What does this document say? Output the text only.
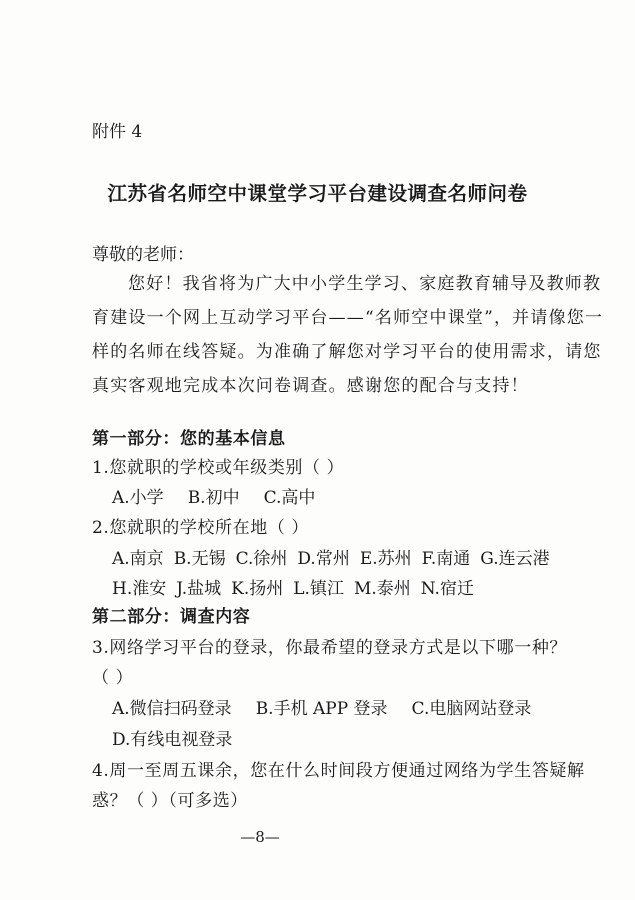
附件 4
江苏省名师空中课堂学习平台建设调查名师问卷
尊敬的老师：
您好！我省将为广大中小学生学习、家庭教育辅导及教师教
育建设一个网上互动学习平台——“名师空中课堂”，并请像您一
样的名师在线答疑。为准确了解您对学习平台的使用需求，请您
真实客观地完成本次问卷调查。感谢您的配合与支持！
第一部分：您的基本信息
1.您就职的学校或年级类别（ ）
A.小学 B.初中 C.高中
2.您就职的学校所在地（ ）
A.南京 B.无锡 C.徐州 D.常州 E.苏州 F.南通 G.连云港
H.淮安 J.盐城 K.扬州 L.镇江 M.泰州 N.宿迁
第二部分：调查内容
3.网络学习平台的登录，你最希望的登录方式是以下哪一种？
（ ）
A.微信扫码登录 B.手机 APP 登录 C.电脑网站登录
D.有线电视登录
4.周一至周五课余，您在什么时间段方便通过网络为学生答疑解
惑？（ ）（可多选）
—8—
